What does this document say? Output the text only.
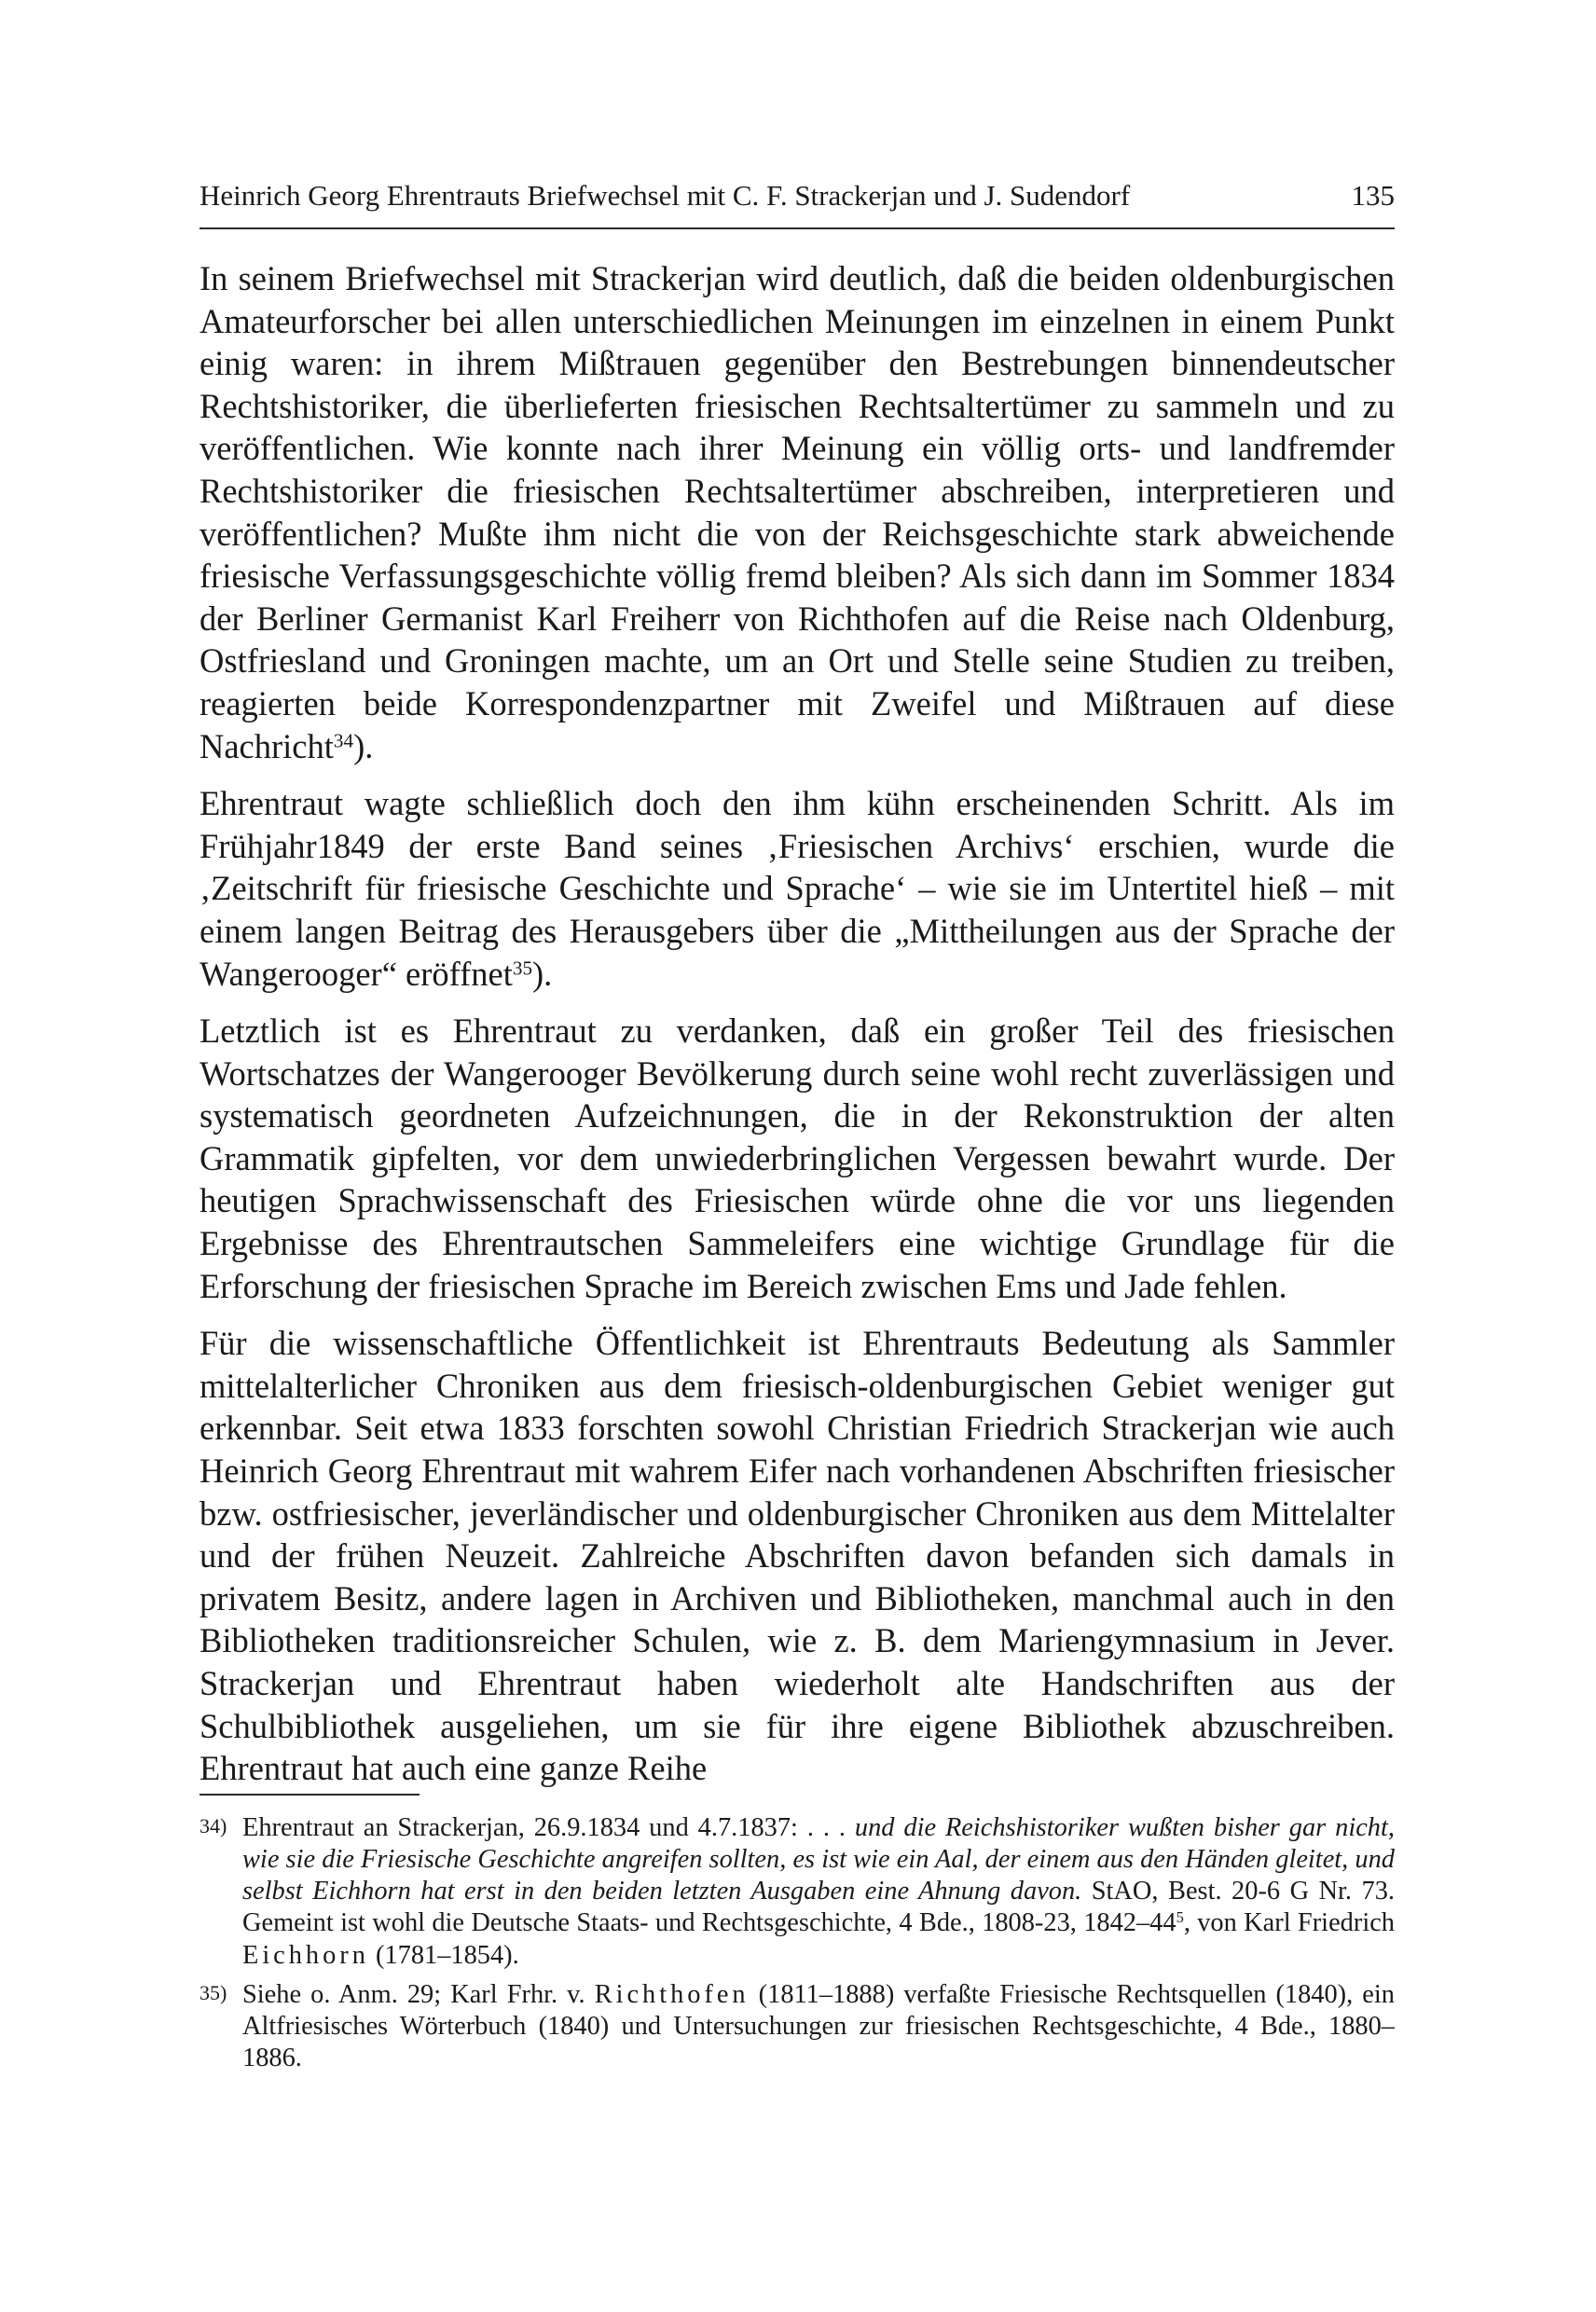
Heinrich Georg Ehrentrauts Briefwechsel mit C. F. Strackerjan und J. Sudendorf	135

In seinem Briefwechsel mit Strackerjan wird deutlich, daß die beiden oldenburgischen Amateurforscher bei allen unterschiedlichen Meinungen im einzelnen in einem Punkt einig waren: in ihrem Mißtrauen gegenüber den Bestrebungen binnendeutscher Rechtshistoriker, die überlieferten friesischen Rechtsaltertümer zu sammeln und zu veröffentlichen. Wie konnte nach ihrer Meinung ein völlig orts- und landfremder Rechtshistoriker die friesischen Rechtsaltertümer abschreiben, interpretieren und veröffentlichen? Mußte ihm nicht die von der Reichsgeschichte stark abweichende friesische Verfassungsgeschichte völlig fremd bleiben? Als sich dann im Sommer 1834 der Berliner Germanist Karl Freiherr von Richthofen auf die Reise nach Oldenburg, Ostfriesland und Groningen machte, um an Ort und Stelle seine Studien zu treiben, reagierten beide Korrespondenzpartner mit Zweifel und Mißtrauen auf diese Nachricht$^{34}$).

Ehrentraut wagte schließlich doch den ihm kühn erscheinenden Schritt. Als im Frühjahr1849 der erste Band seines ‚Friesischen Archivs‘ erschien, wurde die ‚Zeitschrift für friesische Geschichte und Sprache‘ – wie sie im Untertitel hieß – mit einem langen Beitrag des Herausgebers über die „Mittheilungen aus der Sprache der Wangerooger“ eröffnet$^{35}$).

Letztlich ist es Ehrentraut zu verdanken, daß ein großer Teil des friesischen Wortschatzes der Wangerooger Bevölkerung durch seine wohl recht zuverlässigen und systematisch geordneten Aufzeichnungen, die in der Rekonstruktion der alten Grammatik gipfelten, vor dem unwiederbringlichen Vergessen bewahrt wurde. Der heutigen Sprachwissenschaft des Friesischen würde ohne die vor uns liegenden Ergebnisse des Ehrentrautschen Sammeleifers eine wichtige Grundlage für die Erforschung der friesischen Sprache im Bereich zwischen Ems und Jade fehlen.

Für die wissenschaftliche Öffentlichkeit ist Ehrentrauts Bedeutung als Sammler mittelalterlicher Chroniken aus dem friesisch-oldenburgischen Gebiet weniger gut erkennbar. Seit etwa 1833 forschten sowohl Christian Friedrich Strackerjan wie auch Heinrich Georg Ehrentraut mit wahrem Eifer nach vorhandenen Abschriften friesischer bzw. ostfriesischer, jeverländischer und oldenburgischer Chroniken aus dem Mittelalter und der frühen Neuzeit. Zahlreiche Abschriften davon befanden sich damals in privatem Besitz, andere lagen in Archiven und Bibliotheken, manchmal auch in den Bibliotheken traditionsreicher Schulen, wie z. B. dem Mariengymnasium in Jever. Strackerjan und Ehrentraut haben wiederholt alte Handschriften aus der Schulbibliothek ausgeliehen, um sie für ihre eigene Bibliothek abzuschreiben. Ehrentraut hat auch eine ganze Reihe

34) Ehrentraut an Strackerjan, 26.9.1834 und 4.7.1837: . . . und die Reichshistoriker wußten bisher gar nicht, wie sie die Friesische Geschichte angreifen sollten, es ist wie ein Aal, der einem aus den Händen gleitet, und selbst Eichhorn hat erst in den beiden letzten Ausgaben eine Ahnung davon. StAO, Best. 20-6 G Nr. 73. Gemeint ist wohl die Deutsche Staats- und Rechtsgeschichte, 4 Bde., 1808-23, $1842-44^5$, von Karl Friedrich Eichhorn (1781–1854).
35) Siehe o. Anm. 29; Karl Frhr. v. Richthofen (1811–1888) verfaßte Friesische Rechtsquellen (1840), ein Altfriesisches Wörterbuch (1840) und Untersuchungen zur friesischen Rechtsgeschichte, 4 Bde., 1880–1886.
